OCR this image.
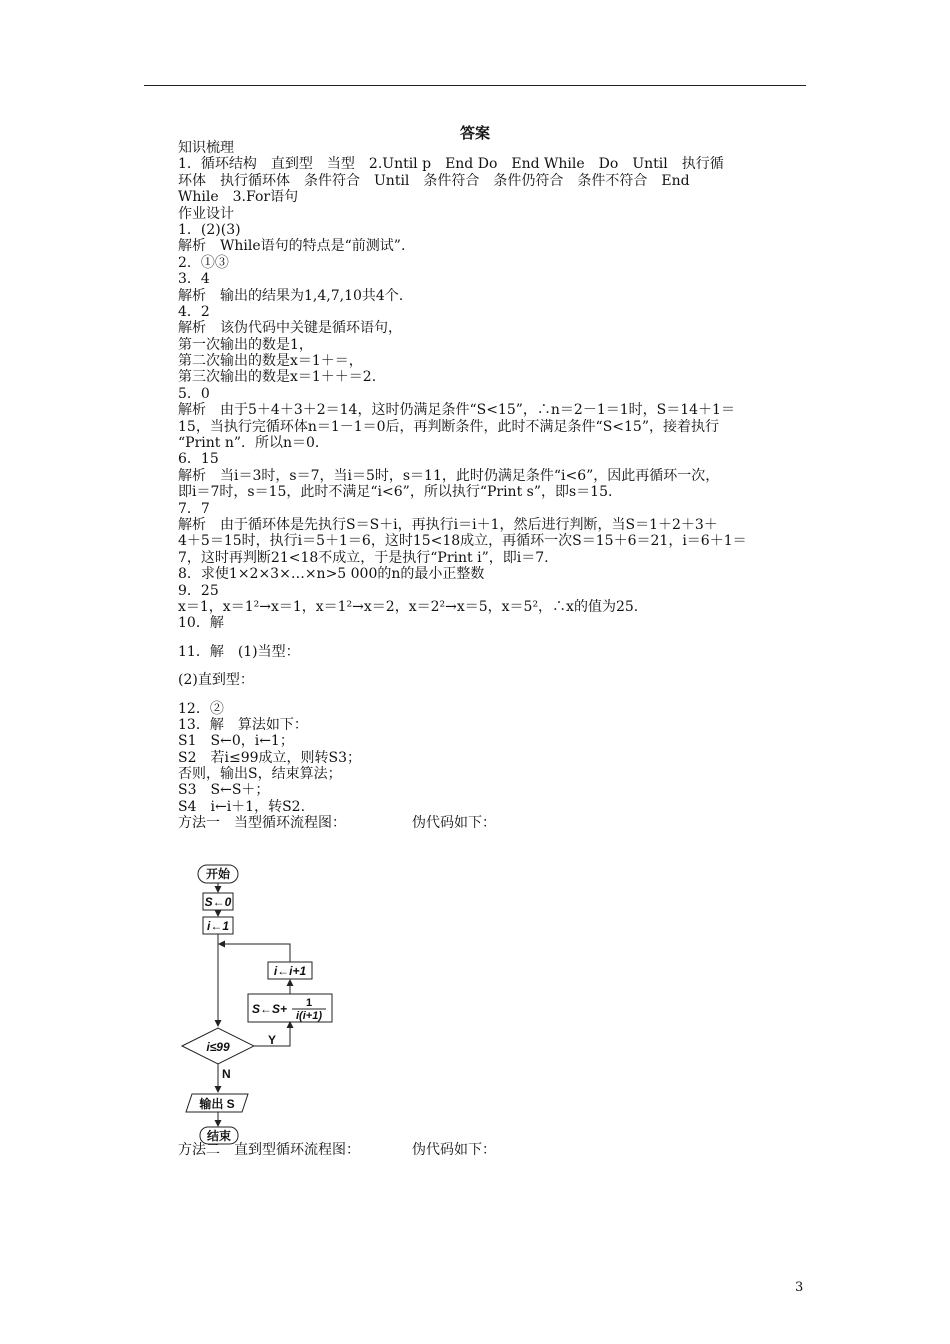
答案
知识梳理
1．循环结构　直到型　当型　2.Until p　End Do　End While　Do　Until　执行循
环体　执行循环体　条件符合　Until　条件符合　条件仍符合　条件不符合　End
While　3.For语句
作业设计
1．(2)(3)
解析　While语句的特点是“前测试”.
2．①③
3．4
解析　输出的结果为1,4,7,10共4个.
4．2
解析　该伪代码中关键是循环语句，
第一次输出的数是1，
第二次输出的数是x＝1＋＝，
第三次输出的数是x＝1＋＋＝2.
5．0
解析　由于5＋4＋3＋2＝14，这时仍满足条件“S<15”，∴n＝2－1＝1时，S＝14＋1＝
15，当执行完循环体n＝1－1＝0后，再判断条件，此时不满足条件“S<15”，接着执行
“Print n”．所以n＝0.
6．15
解析　当i＝3时，s＝7，当i＝5时，s＝11，此时仍满足条件“i<6”，因此再循环一次，
即i＝7时，s＝15，此时不满足“i<6”，所以执行“Print s”，即s＝15.
7．7
解析　由于循环体是先执行S＝S＋i，再执行i＝i＋1，然后进行判断，当S＝1＋2＋3＋
4＋5＝15时，执行i＝5＋1＝6，这时15<18成立，再循环一次S＝15＋6＝21，i＝6＋1＝
7，这时再判断21<18不成立，于是执行“Print i”，即i＝7.
8．求使1×2×3×…×n>5 000的n的最小正整数
9．25
x＝1，x＝1²→x＝1，x＝1²→x＝2，x＝2²→x＝5，x＝5²，∴x的值为25.
10．解
11．解　(1)当型：
(2)直到型：
12．②
13．解　算法如下：
S1　S←0，i←1；
S2　若i≤99成立，则转S3；
否则，输出S，结束算法；
S3　S←S＋；
S4　i←i＋1，转S2.
方法一　当型循环流程图：	伪代码如下：
开始
S←0
i←1
i←i+1
S←S+ 1
i(i+1)
i≤99	Y
N
输出 S
结束
方法二　直到型循环流程图：	伪代码如下：
3
